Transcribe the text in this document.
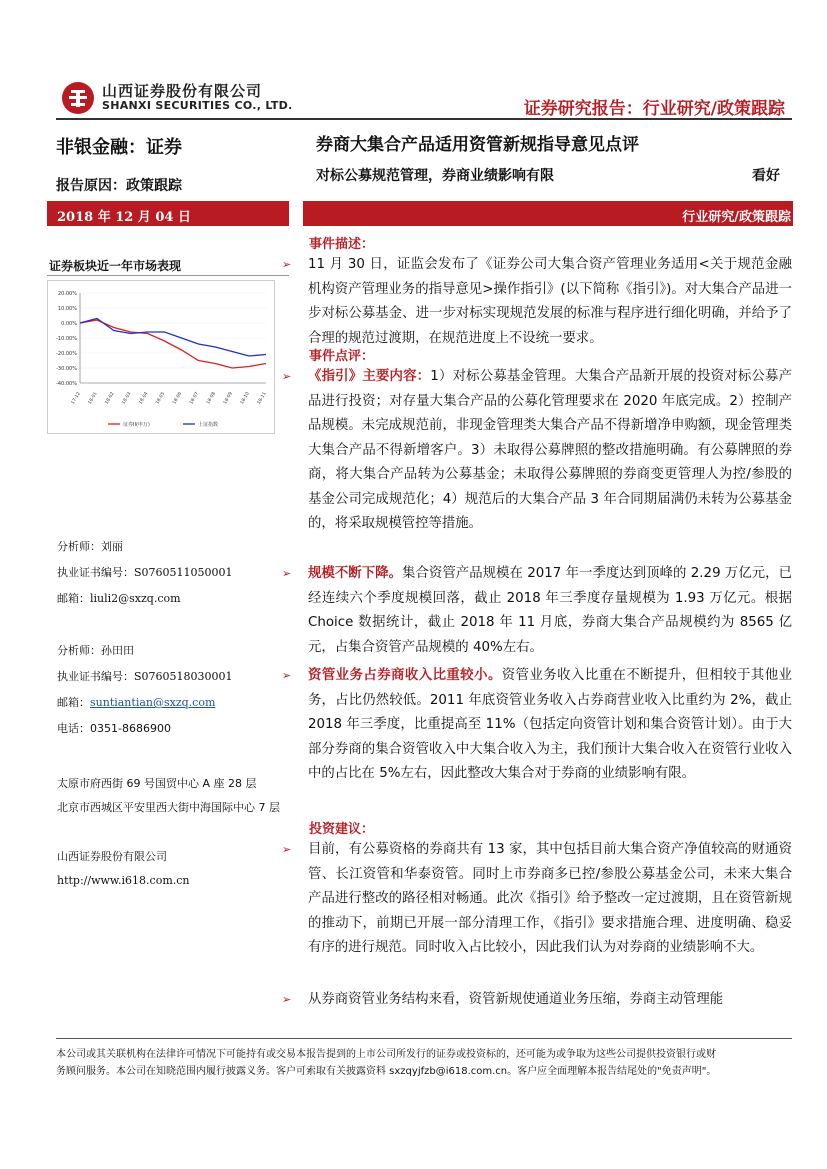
山西证券股份有限公司
SHANXI SECURITIES CO., LTD.	证券研究报告：行业研究/政策跟踪
非银金融：证券	券商大集合产品适用资管新规指导意见点评
报告原因：政策跟踪
对标公募规范管理，券商业绩影响有限	看好
2018 年 12 月 04 日	行业研究/政策跟踪
证券板块近一年市场表现
20.00%
10.00%
0.00%
-10.00%
-20.00%
-30.00%
-40.00%
17-12 18-01 18-02 18-03 18-04 18-05 18-06 18-07 18-08 18-09 18-10 18-11
证券II(申万)	上证指数
分析师：刘丽
执业证书编号：S0760511050001
邮箱：liuli2@sxzq.com
分析师：孙田田
执业证书编号：S0760518030001
邮箱：suntiantian@sxzq.com
电话：0351-8686900
太原市府西街 69 号国贸中心 A 座 28 层
北京市西城区平安里西大街中海国际中心 7 层
山西证券股份有限公司
http://www.i618.com.cn
事件描述：
➢ 11 月 30 日，证监会发布了《证券公司大集合资产管理业务适用<关于规范金融机构资产管理业务的指导意见>操作指引》(以下简称《指引》)。对大集合产品进一步对标公募基金、进一步对标实现规范发展的标准与程序进行细化明确，并给予了合理的规范过渡期，在规范进度上不设统一要求。
事件点评：
➢ 《指引》主要内容：1）对标公募基金管理。大集合产品新开展的投资对标公募产品进行投资；对存量大集合产品的公募化管理要求在 2020 年底完成。2）控制产品规模。未完成规范前，非现金管理类大集合产品不得新增净申购额，现金管理类大集合产品不得新增客户。3）未取得公募牌照的整改措施明确。有公募牌照的券商，将大集合产品转为公募基金；未取得公募牌照的券商变更管理人为控/参股的基金公司完成规范化；4）规范后的大集合产品 3 年合同期届满仍未转为公募基金的，将采取规模管控等措施。
➢ 规模不断下降。集合资管产品规模在 2017 年一季度达到顶峰的 2.29 万亿元，已经连续六个季度规模回落，截止 2018 年三季度存量规模为 1.93 万亿元。根据 Choice 数据统计，截止 2018 年 11 月底，券商大集合产品规模约为 8565 亿元，占集合资管产品规模的 40%左右。
➢ 资管业务占券商收入比重较小。资管业务收入比重在不断提升，但相较于其他业务，占比仍然较低。2011 年底资管业务收入占券商营业收入比重约为 2%，截止 2018 年三季度，比重提高至 11%（包括定向资管计划和集合资管计划）。由于大部分券商的集合资管收入中大集合收入为主，我们预计大集合收入在资管行业收入中的占比在 5%左右，因此整改大集合对于券商的业绩影响有限。
投资建议：
➢ 目前，有公募资格的券商共有 13 家，其中包括目前大集合资产净值较高的财通资管、长江资管和华泰资管。同时上市券商多已控/参股公募基金公司，未来大集合产品进行整改的路径相对畅通。此次《指引》给予整改一定过渡期，且在资管新规的推动下，前期已开展一部分清理工作，《指引》要求措施合理、进度明确、稳妥有序的进行规范。同时收入占比较小，因此我们认为对券商的业绩影响不大。
➢ 从券商资管业务结构来看，资管新规使通道业务压缩，券商主动管理能
本公司或其关联机构在法律许可情况下可能持有或交易本报告提到的上市公司所发行的证券或投资标的，还可能为或争取为这些公司提供投资银行或财
务顾问服务。本公司在知晓范围内履行披露义务。客户可索取有关披露资料 sxzqyjfzb@i618.com.cn。客户应全面理解本报告结尾处的"免责声明"。
